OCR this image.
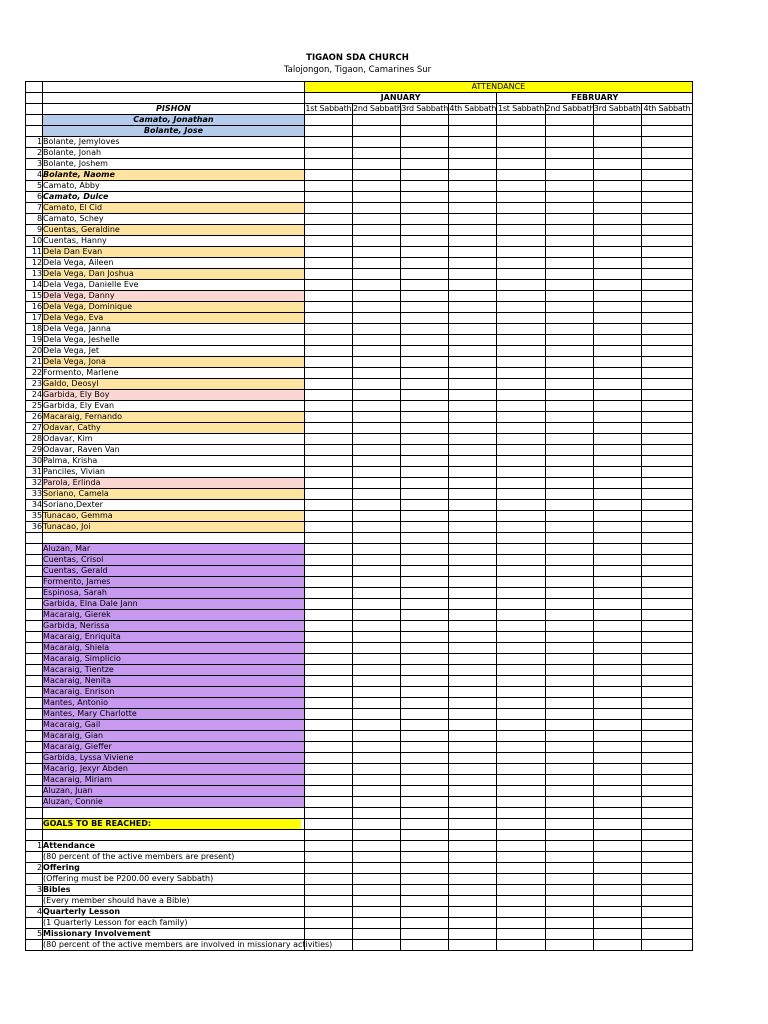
TIGAON SDA CHURCH
Talojongon, Tigaon, Camarines Sur
		ATTENDANCE							
		JANUARY				FEBRUARY			
	PISHON	1st Sabbath	2nd Sabbath	3rd Sabbath	4th Sabbath	1st Sabbath	2nd Sabbath	3rd Sabbath	4th Sabbath
	Camato, Jonathan								
	Bolante, Jose								
1	Bolante, Jemyloves								
2	Bolante, Jonah								
3	Bolante, Joshem								
4	Bolante, Naome								
5	Camato, Abby								
6	Camato, Dulce								
7	Camato, El Cid								
8	Camato, Schey								
9	Cuentas, Geraldine								
10	Cuentas, Hanny								
11	Dela Dan Evan								
12	Dela Vega, Aileen								
13	Dela Vega, Dan Joshua								
14	Dela Vega, Danielle Eve								
15	Dela Vega, Danny								
16	Dela Vega, Dominique								
17	Dela Vega, Eva								
18	Dela Vega, Janna								
19	Dela Vega, Jeshelle								
20	Dela Vega, Jet								
21	Dela Vega, Jona								
22	Formento, Marlene								
23	Galdo, Deosyl								
24	Garbida, Ely Boy								
25	Garbida, Ely Evan								
26	Macaraig, Fernando								
27	Odavar, Cathy								
28	Odavar, Kim								
29	Odavar, Raven Van								
30	Palma, Krisha								
31	Panciles, Vivian								
32	Parola, Erlinda								
33	Soriano, Camela								
34	Soriano,Dexter								
35	Tunacao, Gemma								
36	Tunacao, Joi								

	Aluzan, Mar								
	Cuentas, Crisol								
	Cuentas, Gerald								
	Formento, James								
	Espinosa, Sarah								
	Garbida, Elna Dale Jann								
	Macaraig, Gierek								
	Garbida, Nerissa								
	Macaraig, Enriquita								
	Macaraig, Shiela								
	Macaraig, Simplicio								
	Macaraig, Tientze								
	Macaraig, Nenita								
	Macaraig. Enrison								
	Mantes, Antonio								
	Mantes, Mary Charlotte								
	Macaraig, Gail								
	Macaraig, Gian								
	Macaraig, Gieffer								
	Garbida, Lyssa Viviene								
	Macarig, Jexyr Abden								
	Macaraig, Miriam								
	Aluzan, Juan								
	Aluzan, Connie								

	GOALS TO BE REACHED:								

1	Attendance								
	(80 percent of the active members are present)								
2	Offering								
	(Offering must be P200.00 every Sabbath)								
3	Bibles								
	(Every member should have a Bible)								
4	Quarterly Lesson								
	(1 Quarterly Lesson for each family)								
5	Missionary Involvement								
	(80 percent of the active members are involved in missionary activities)								
